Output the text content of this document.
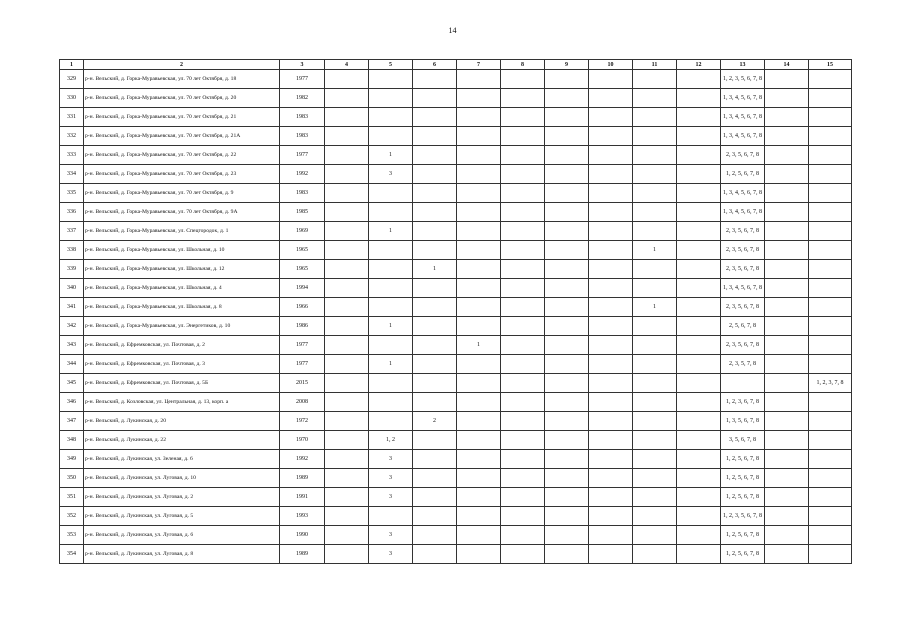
14
1	2	3	4	5	6	7	8	9	10	11	12	13	14	15
329	р-н. Вельский, д. Горка-Муравьевская, ул. 70 лет Октября, д. 18	1977										1, 2, 3, 5, 6, 7, 8		
330	р-н. Вельский, д. Горка-Муравьевская, ул. 70 лет Октября, д. 20	1982										1, 3, 4, 5, 6, 7, 8		
331	р-н. Вельский, д. Горка-Муравьевская, ул. 70 лет Октября, д. 21	1983										1, 3, 4, 5, 6, 7, 8		
332	р-н. Вельский, д. Горка-Муравьевская, ул. 70 лет Октября, д. 21А	1983										1, 3, 4, 5, 6, 7, 8		
333	р-н. Вельский, д. Горка-Муравьевская, ул. 70 лет Октября, д. 22	1977		1								2, 3, 5, 6, 7, 8		
334	р-н. Вельский, д. Горка-Муравьевская, ул. 70 лет Октября, д. 23	1992		3								1, 2, 5, 6, 7, 8		
335	р-н. Вельский, д. Горка-Муравьевская, ул. 70 лет Октября, д. 9	1983										1, 3, 4, 5, 6, 7, 8		
336	р-н. Вельский, д. Горка-Муравьевская, ул. 70 лет Октября, д. 9А	1985										1, 3, 4, 5, 6, 7, 8		
337	р-н. Вельский, д. Горка-Муравьевская, ул. Спецгородок, д. 1	1969		1								2, 3, 5, 6, 7, 8		
338	р-н. Вельский, д. Горка-Муравьевская, ул. Школьная, д. 10	1965								1		2, 3, 5, 6, 7, 8		
339	р-н. Вельский, д. Горка-Муравьевская, ул. Школьная, д. 12	1965			1							2, 3, 5, 6, 7, 8		
340	р-н. Вельский, д. Горка-Муравьевская, ул. Школьная, д. 4	1994										1, 3, 4, 5, 6, 7, 8		
341	р-н. Вельский, д. Горка-Муравьевская, ул. Школьная, д. 8	1966								1		2, 3, 5, 6, 7, 8		
342	р-н. Вельский, д. Горка-Муравьевская, ул. Энергетиков, д. 10	1986		1								2, 5, 6, 7, 8		
343	р-н. Вельский, д. Ефремковская, ул. Почтовая, д. 2	1977				1						2, 3, 5, 6, 7, 8		
344	р-н. Вельский, д. Ефремковская, ул. Почтовая, д. 3	1977		1								2, 3, 5, 7, 8		
345	р-н. Вельский, д. Ефремковская, ул. Почтовая, д. 5Б	2015												1, 2, 3, 7, 8
346	р-н. Вельский, д. Козловская, ул. Центральная, д. 13, корп. а	2008										1, 2, 3, 6, 7, 8		
347	р-н. Вельский, д. Лукинская, д. 20	1972			2							1, 3, 5, 6, 7, 8		
348	р-н. Вельский, д. Лукинская, д. 22	1970		1, 2								3, 5, 6, 7, 8		
349	р-н. Вельский, д. Лукинская, ул. Зеленая, д. 6	1992		3								1, 2, 5, 6, 7, 8		
350	р-н. Вельский, д. Лукинская, ул. Луговая, д. 10	1989		3								1, 2, 5, 6, 7, 8		
351	р-н. Вельский, д. Лукинская, ул. Луговая, д. 2	1991		3								1, 2, 5, 6, 7, 8		
352	р-н. Вельский, д. Лукинская, ул. Луговая, д. 5	1993										1, 2, 3, 5, 6, 7, 8		
353	р-н. Вельский, д. Лукинская, ул. Луговая, д. 6	1990		3								1, 2, 5, 6, 7, 8		
354	р-н. Вельский, д. Лукинская, ул. Луговая, д. 8	1989		3								1, 2, 5, 6, 7, 8		
